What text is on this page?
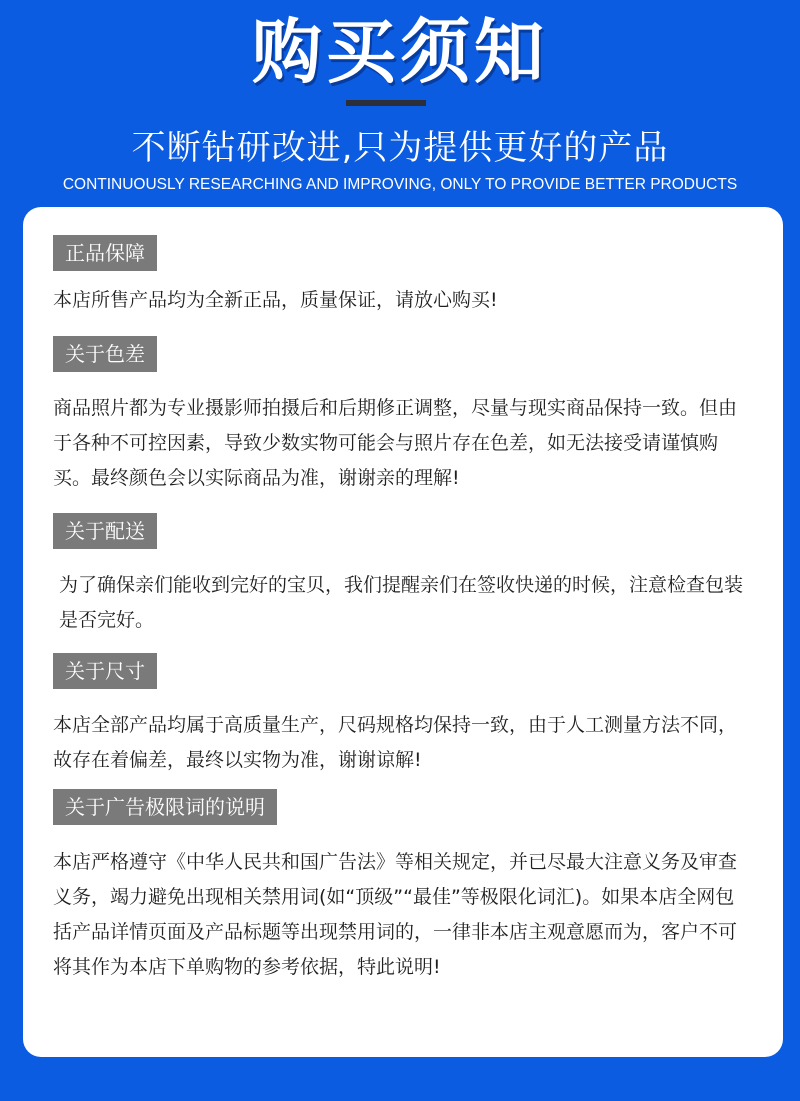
购买须知
不断钻研改进,只为提供更好的产品
CONTINUOUSLY RESEARCHING AND IMPROVING, ONLY TO PROVIDE BETTER PRODUCTS
正品保障
本店所售产品均为全新正品，质量保证，请放心购买!
关于色差
商品照片都为专业摄影师拍摄后和后期修正调整，尽量与现实商品保持一致。但由于各种不可控因素，导致少数实物可能会与照片存在色差，如无法接受请谨慎购买。最终颜色会以实际商品为准，谢谢亲的理解!
关于配送
为了确保亲们能收到完好的宝贝，我们提醒亲们在签收快递的时候，注意检查包装是否完好。
关于尺寸
本店全部产品均属于高质量生产，尺码规格均保持一致，由于人工测量方法不同，故存在着偏差，最终以实物为准，谢谢谅解!
关于广告极限词的说明
本店严格遵守《中华人民共和国广告法》等相关规定，并已尽最大注意义务及审查义务，竭力避免出现相关禁用词(如“顶级”“最佳”等极限化词汇)。如果本店全网包括产品详情页面及产品标题等出现禁用词的，一律非本店主观意愿而为，客户不可将其作为本店下单购物的参考依据，特此说明!
